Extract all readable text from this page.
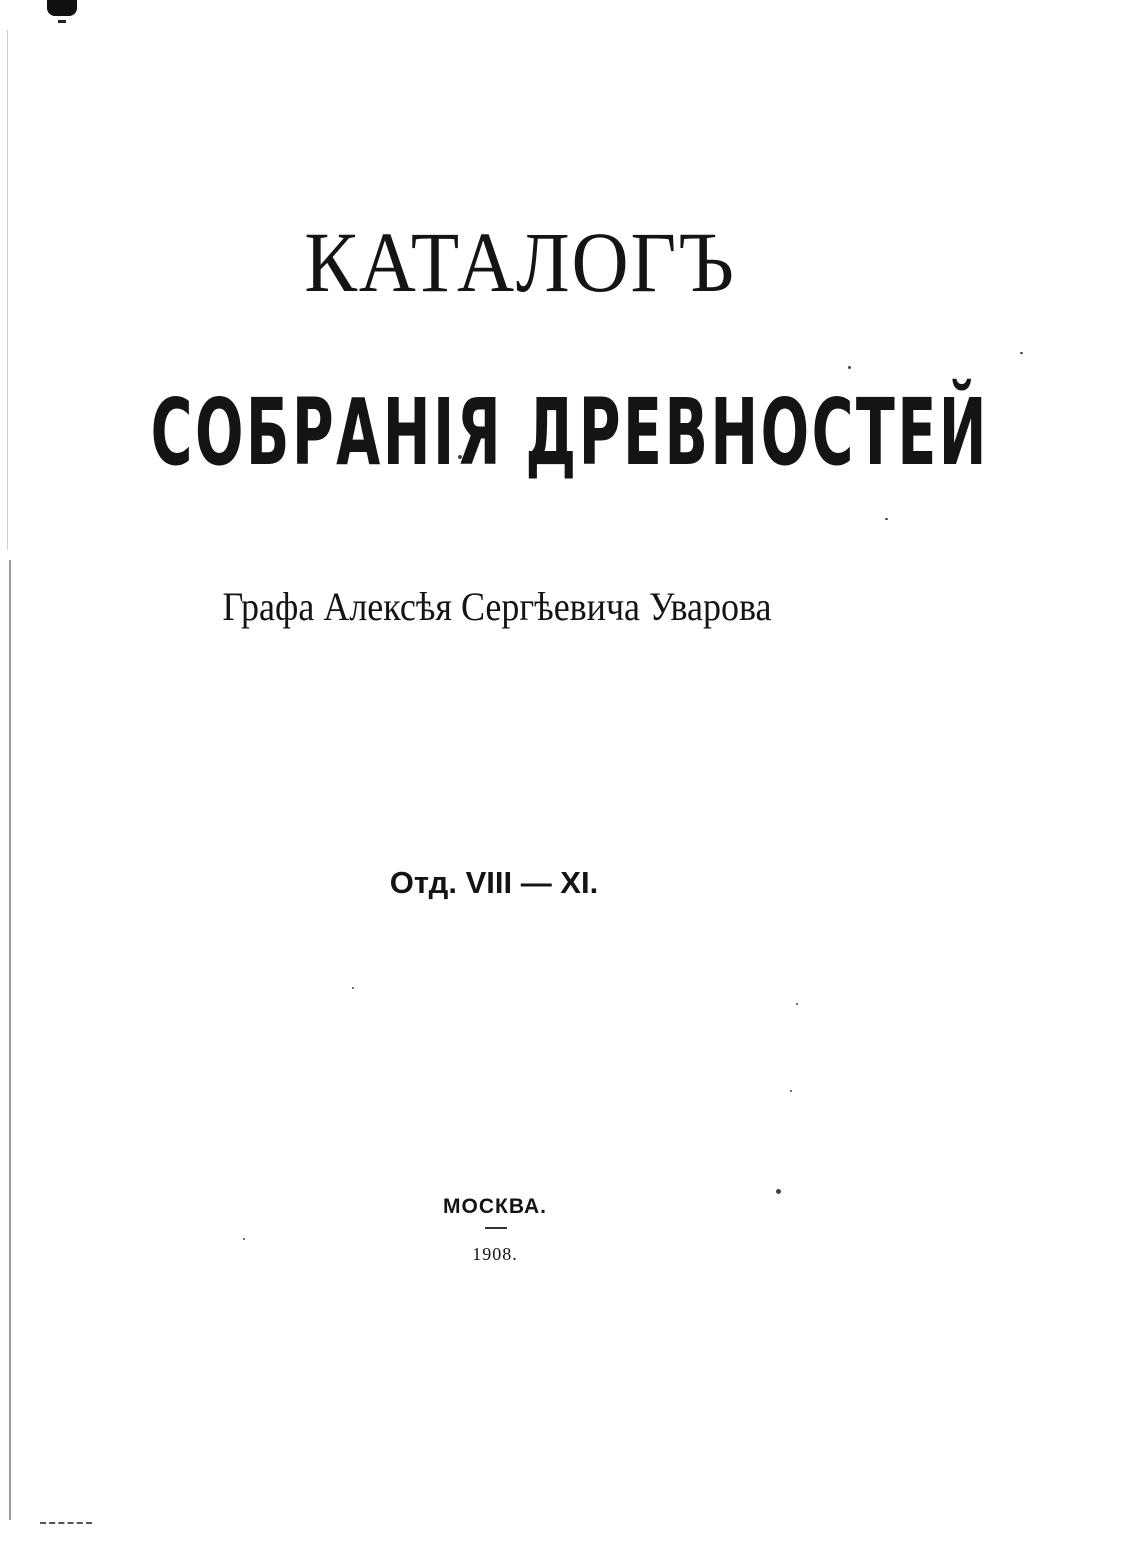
КАТАЛОГЪ
СОБРАНІЯ ДРЕВНОСТЕЙ
Графа Алексѣя Сергѣевича Уварова
Отд. VIII — XI.
МОСКВА.
1908.
